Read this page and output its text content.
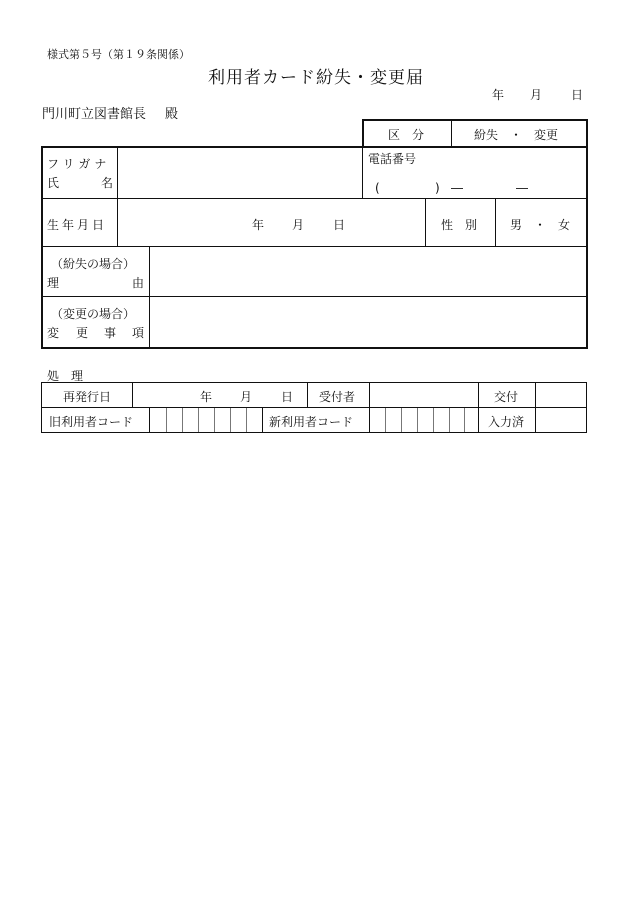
様式第５号（第１９条関係）
利用者カード紛失・変更届
年 月 日
門川町立図書館長 殿
区　分	紛失　・　変更
フリガナ
氏	名
電話番号
(	) ―	―
生年月日	年 月 日	性　別	男　・　女
（紛失の場合）
理	由
（変更の場合）
変 更 事 項
処　理
再発行日	年 月 日 受付者	交付
旧利用者コード	新利用者コード	入力済
